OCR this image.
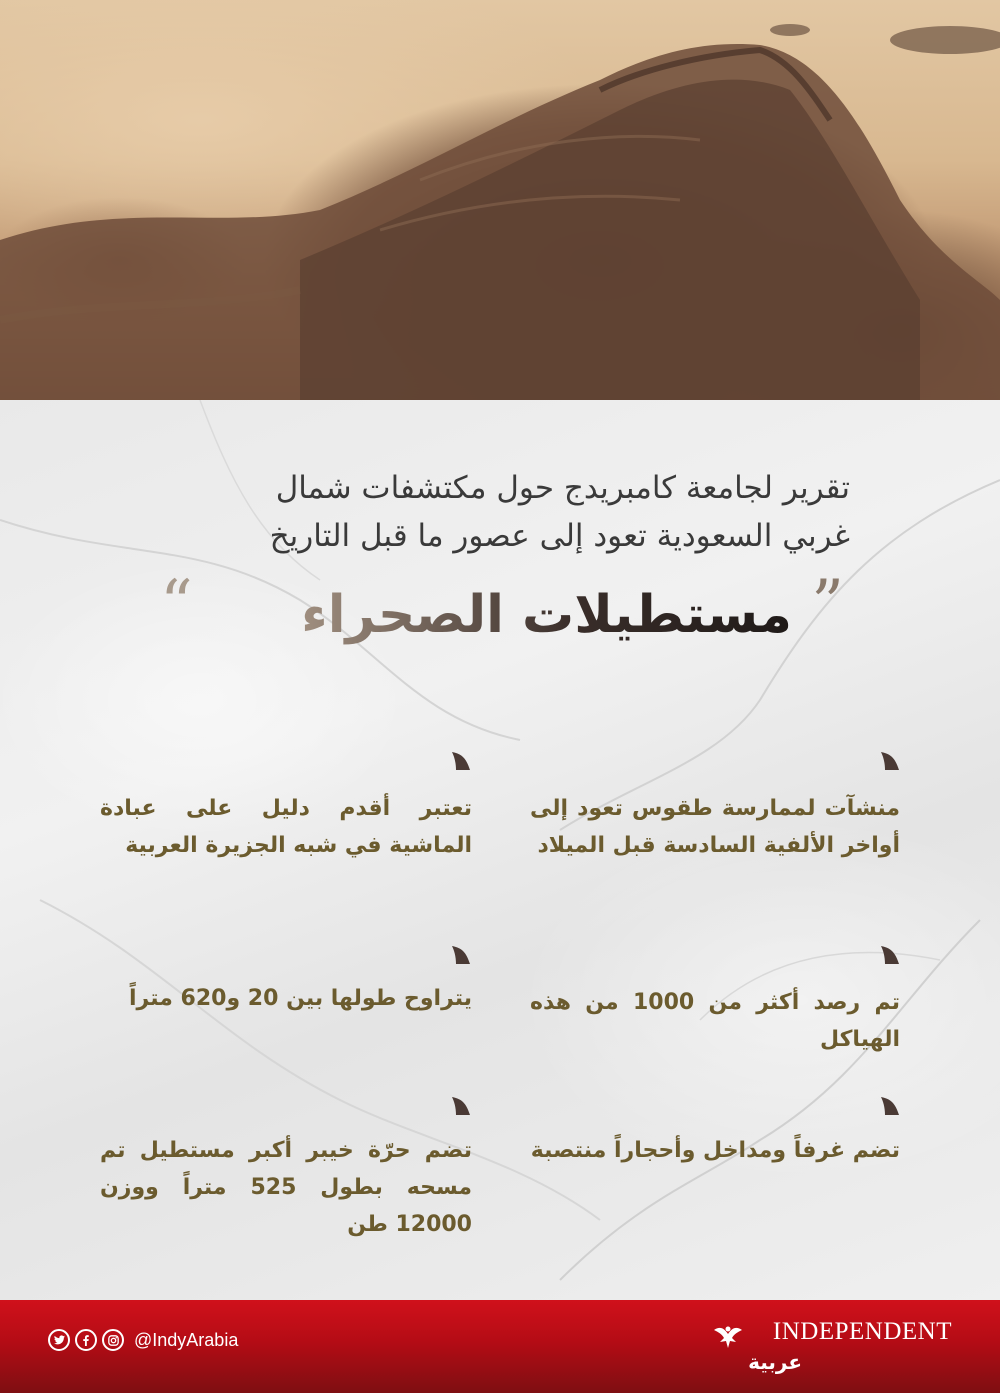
تقرير لجامعة كامبريدج حول مكتشفات شمال
غربي السعودية تعود إلى عصور ما قبل التاريخ
”
مستطيلات الصحراء
“
منشآت لممارسة طقوس تعود إلى أواخر الألفية السادسة قبل الميلاد
تم رصد أكثر من 1000 من هذه الهياكل
تضم غرفاً ومداخل وأحجاراً منتصبة
تعتبر أقدم دليل على عبادة الماشية في شبه الجزيرة العربية
يتراوح طولها بين 20 و620 متراً
تضم حرّة خيبر أكبر مستطيل تم مسحه بطول 525 متراً ووزن 12000 طن
@IndyArabia	INDEPENDENT
عربية
